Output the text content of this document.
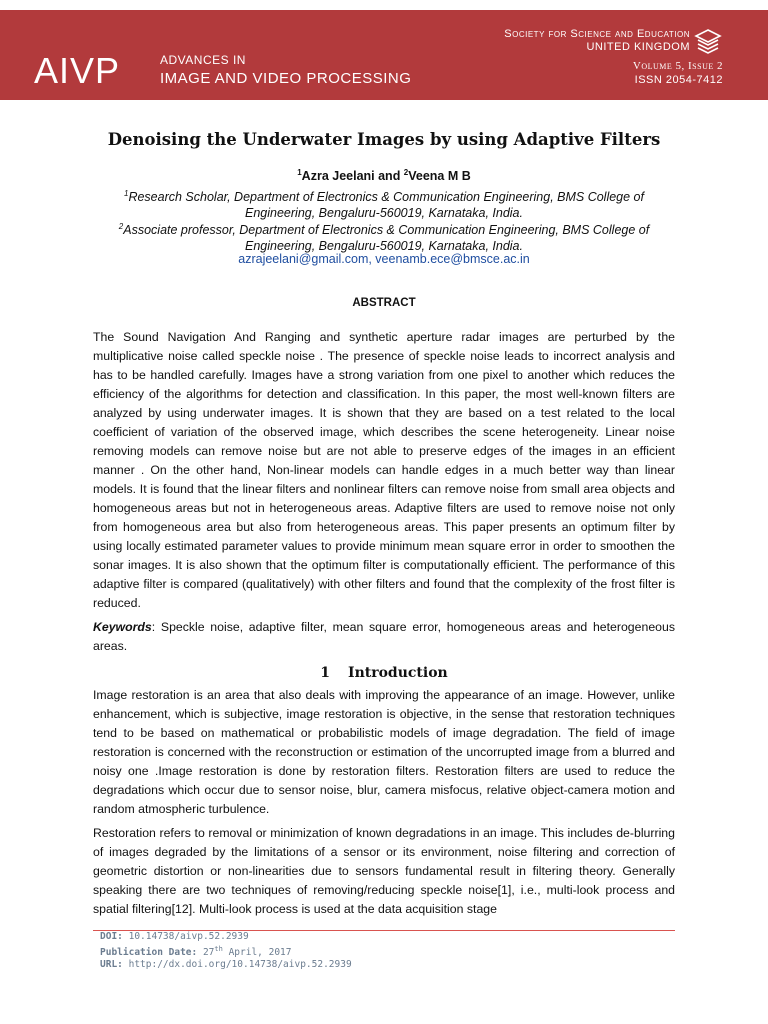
AIVP	ADVANCES IN
IMAGE AND VIDEO PROCESSING
Society for Science and Education
UNITED KINGDOM
Volume 5, Issue 2
ISSN 2054-7412
Denoising the Underwater Images by using Adaptive Filters
$^1$Azra Jeelani and $^2$Veena M B
$^1$Research Scholar, Department of Electronics & Communication Engineering, BMS College of Engineering, Bengaluru-560019, Karnataka, India.
$^2$Associate professor, Department of Electronics & Communication Engineering, BMS College of Engineering, Bengaluru-560019, Karnataka, India.
azrajeelani@gmail.com, veenamb.ece@bmsce.ac.in
ABSTRACT
The Sound Navigation And Ranging and synthetic aperture radar images are perturbed by the multiplicative noise called speckle noise . The presence of speckle noise leads to incorrect analysis and has to be handled carefully. Images have a strong variation from one pixel to another which reduces the efficiency of the algorithms for detection and classification. In this paper, the most well-known filters are analyzed by using underwater images. It is shown that they are based on a test related to the local coefficient of variation of the observed image, which describes the scene heterogeneity. Linear noise removing models can remove noise but are not able to preserve edges of the images in an efficient manner . On the other hand, Non-linear models can handle edges in a much better way than linear models. It is found that the linear filters and nonlinear filters can remove noise from small area objects and homogeneous areas but not in heterogeneous areas. Adaptive filters are used to remove noise not only from homogeneous area but also from heterogeneous areas. This paper presents an optimum filter by using locally estimated parameter values to provide minimum mean square error in order to smoothen the sonar images. It is also shown that the optimum filter is computationally efficient. The performance of this adaptive filter is compared (qualitatively) with other filters and found that the complexity of the frost filter is reduced.
Keywords: Speckle noise, adaptive filter, mean square error, homogeneous areas and heterogeneous areas.
1 Introduction
Image restoration is an area that also deals with improving the appearance of an image. However, unlike enhancement, which is subjective, image restoration is objective, in the sense that restoration techniques tend to be based on mathematical or probabilistic models of image degradation. The field of image restoration is concerned with the reconstruction or estimation of the uncorrupted image from a blurred and noisy one .Image restoration is done by restoration filters. Restoration filters are used to reduce the degradations which occur due to sensor noise, blur, camera misfocus, relative object-camera motion and random atmospheric turbulence.
Restoration refers to removal or minimization of known degradations in an image. This includes de-blurring of images degraded by the limitations of a sensor or its environment, noise filtering and correction of geometric distortion or non-linearities due to sensors fundamental result in filtering theory. Generally speaking there are two techniques of removing/reducing speckle noise[1], i.e., multi-look process and spatial filtering[12]. Multi-look process is used at the data acquisition stage
DOI: 10.14738/aivp.52.2939
Publication Date: 27th April, 2017
URL: http://dx.doi.org/10.14738/aivp.52.2939
